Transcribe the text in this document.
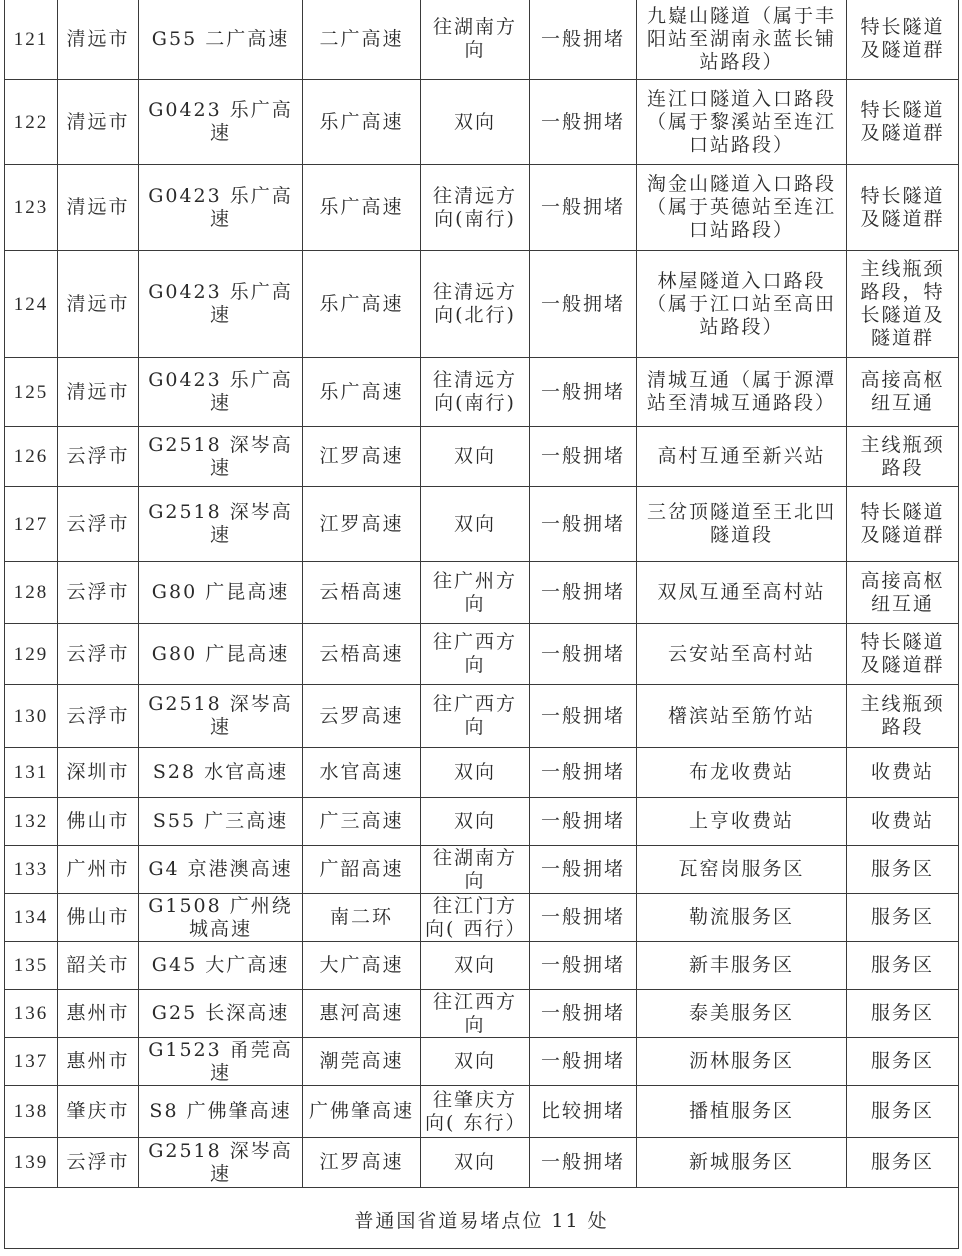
121	清远市	G55 二广高速	二广高速	往湖南方向	一般拥堵	九嶷山隧道（属于丰阳站至湖南永蓝长铺站路段）	特长隧道及隧道群
122	清远市	G0423 乐广高速	乐广高速	双向	一般拥堵	连江口隧道入口路段（属于黎溪站至连江口站路段）	特长隧道及隧道群
123	清远市	G0423 乐广高速	乐广高速	往清远方向(南行)	一般拥堵	淘金山隧道入口路段（属于英德站至连江口站路段）	特长隧道及隧道群
124	清远市	G0423 乐广高速	乐广高速	往清远方向(北行)	一般拥堵	林屋隧道入口路段（属于江口站至高田站路段）	主线瓶颈路段，特长隧道及隧道群
125	清远市	G0423 乐广高速	乐广高速	往清远方向(南行)	一般拥堵	清城互通（属于源潭站至清城互通路段）	高接高枢纽互通
126	云浮市	G2518 深岑高速	江罗高速	双向	一般拥堵	高村互通至新兴站	主线瓶颈路段
127	云浮市	G2518 深岑高速	江罗高速	双向	一般拥堵	三岔顶隧道至王北凹隧道段	特长隧道及隧道群
128	云浮市	G80 广昆高速	云梧高速	往广州方向	一般拥堵	双凤互通至高村站	高接高枢纽互通
129	云浮市	G80 广昆高速	云梧高速	往广西方向	一般拥堵	云安站至高村站	特长隧道及隧道群
130	云浮市	G2518 深岑高速	云罗高速	往广西方向	一般拥堵	櫡滨站至筋竹站	主线瓶颈路段
131	深圳市	S28 水官高速	水官高速	双向	一般拥堵	布龙收费站	收费站
132	佛山市	S55 广三高速	广三高速	双向	一般拥堵	上亨收费站	收费站
133	广州市	G4 京港澳高速	广韶高速	往湖南方向	一般拥堵	瓦窑岗服务区	服务区
134	佛山市	G1508 广州绕城高速	南二环	往江门方向( 西行）	一般拥堵	勒流服务区	服务区
135	韶关市	G45 大广高速	大广高速	双向	一般拥堵	新丰服务区	服务区
136	惠州市	G25 长深高速	惠河高速	往江西方向	一般拥堵	泰美服务区	服务区
137	惠州市	G1523 甬莞高速	潮莞高速	双向	一般拥堵	沥林服务区	服务区
138	肇庆市	S8 广佛肇高速	广佛肇高速	往肇庆方向( 东行）	比较拥堵	播植服务区	服务区
139	云浮市	G2518 深岑高速	江罗高速	双向	一般拥堵	新城服务区	服务区
普通国省道易堵点位 11 处							
